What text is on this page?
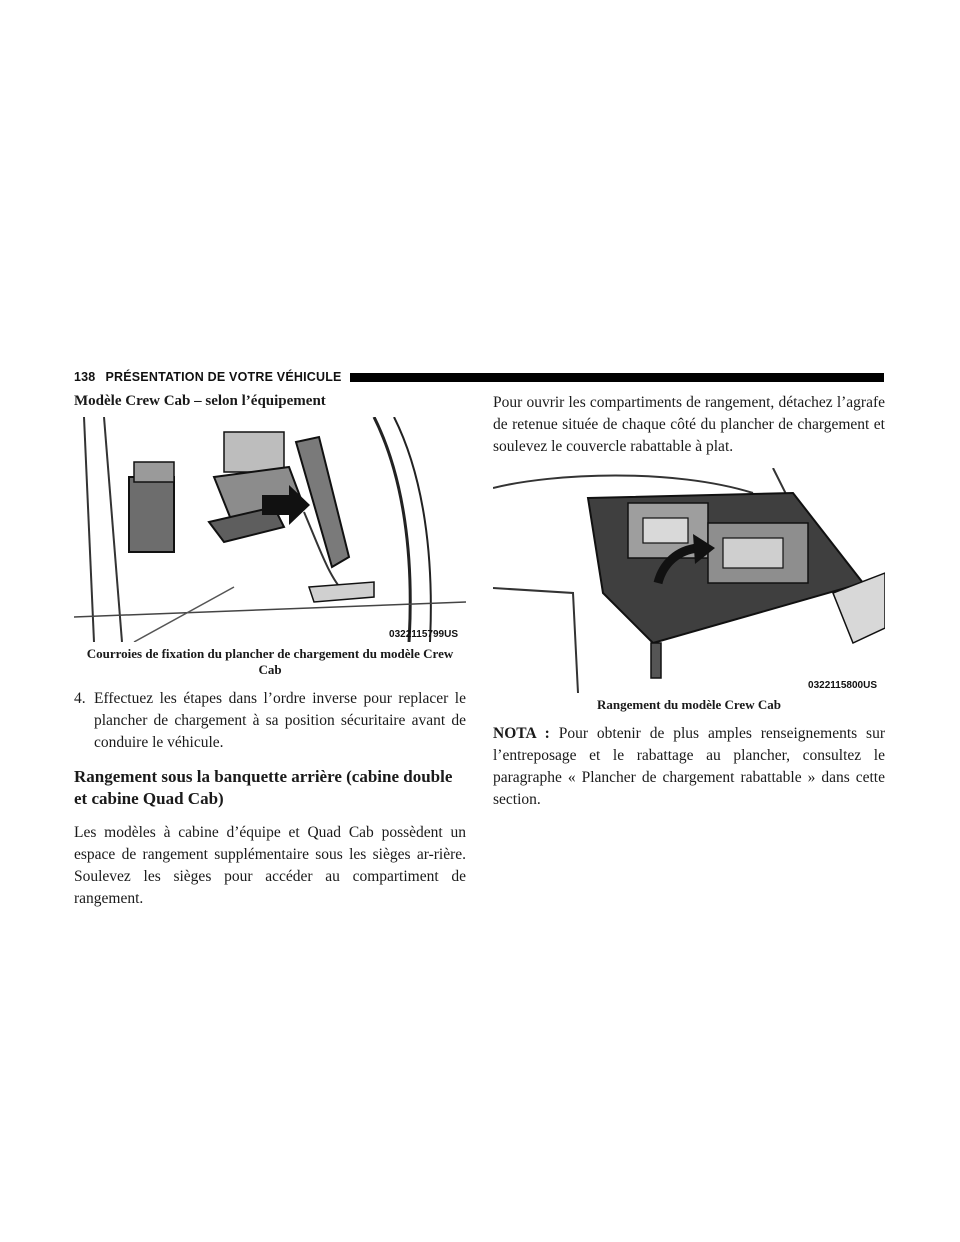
138 PRÉSENTATION DE VOTRE VÉHICULE
Modèle Crew Cab – selon l’équipement
0322115799US
Courroies de fixation du plancher de chargement du modèle Crew Cab
4. Effectuez les étapes dans l’ordre inverse pour replacer le plancher de chargement à sa position sécuritaire avant de conduire le véhicule.
Rangement sous la banquette arrière (cabine double et cabine Quad Cab)
Les modèles à cabine d’équipe et Quad Cab possèdent un espace de rangement supplémentaire sous les sièges ar-rière. Soulevez les sièges pour accéder au compartiment de rangement.
Pour ouvrir les compartiments de rangement, détachez l’agrafe de retenue située de chaque côté du plancher de chargement et soulevez le couvercle rabattable à plat.
0322115800US
Rangement du modèle Crew Cab
NOTA : Pour obtenir de plus amples renseignements sur l’entreposage et le rabattage au plancher, consultez le paragraphe « Plancher de chargement rabattable » dans cette section.
